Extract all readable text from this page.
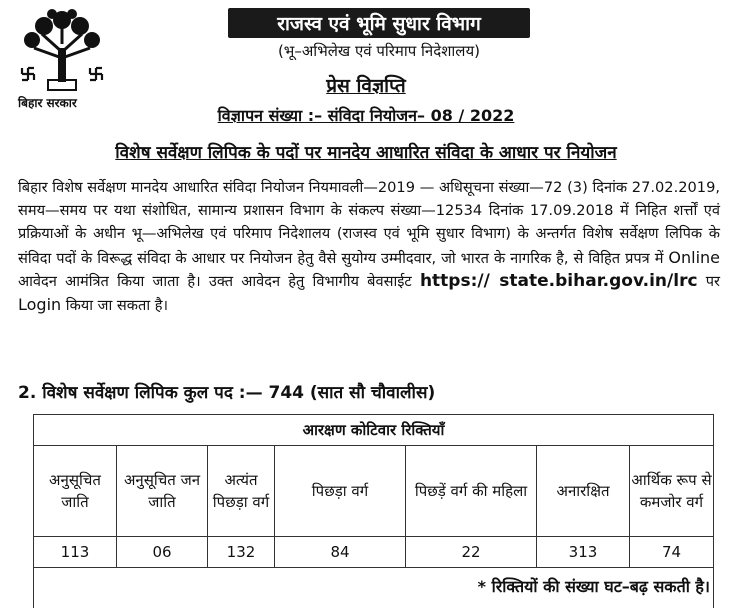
बिहार सरकार
राजस्व एवं भूमि सुधार विभाग
(भू–अभिलेख एवं परिमाप निदेशालय)
प्रेस विज्ञप्ति
विज्ञापन संख्या :– संविदा नियोजन– 08 / 2022
विशेष सर्वेक्षण लिपिक के पदों पर मानदेय आधारित संविदा के आधार पर नियोजन
बिहार विशेष सर्वेक्षण मानदेय आधारित संविदा नियोजन नियमावली—2019 — अधिसूचना संख्या—72 (3) दिनांक 27.02.2019, समय—समय पर यथा संशोधित, सामान्य प्रशासन विभाग के संकल्प संख्या—12534 दिनांक 17.09.2018 में निहित शर्त्तों एवं प्रक्रियाओं के अधीन भू—अभिलेख एवं परिमाप निदेशालय (राजस्व एवं भूमि सुधार विभाग) के अन्तर्गत विशेष सर्वेक्षण लिपिक के संविदा पदों के विरूद्ध संविदा के आधार पर नियोजन हेतु वैसे सुयोग्य उम्मीदवार, जो भारत के नागरिक है, से विहित प्रपत्र में Online आवेदन आमंत्रित किया जाता है। उक्त आवेदन हेतु विभागीय बेवसाईट https:// state.bihar.gov.in/lrc पर Login किया जा सकता है।
2. विशेष सर्वेक्षण लिपिक कुल पद :— 744 (सात सौ चौवालीस)
आरक्षण कोटिवार रिक्तियाँ						
अनुसूचित जाति	अनुसूचित जन जाति	अत्यंत पिछड़ा वर्ग	पिछड़ा वर्ग	पिछड़ें वर्ग की महिला	अनारक्षित	आर्थिक रूप से कमजोर वर्ग
113	06	132	84	22	313	74
* रिक्तियों की संख्या घट–बढ़ सकती है।
